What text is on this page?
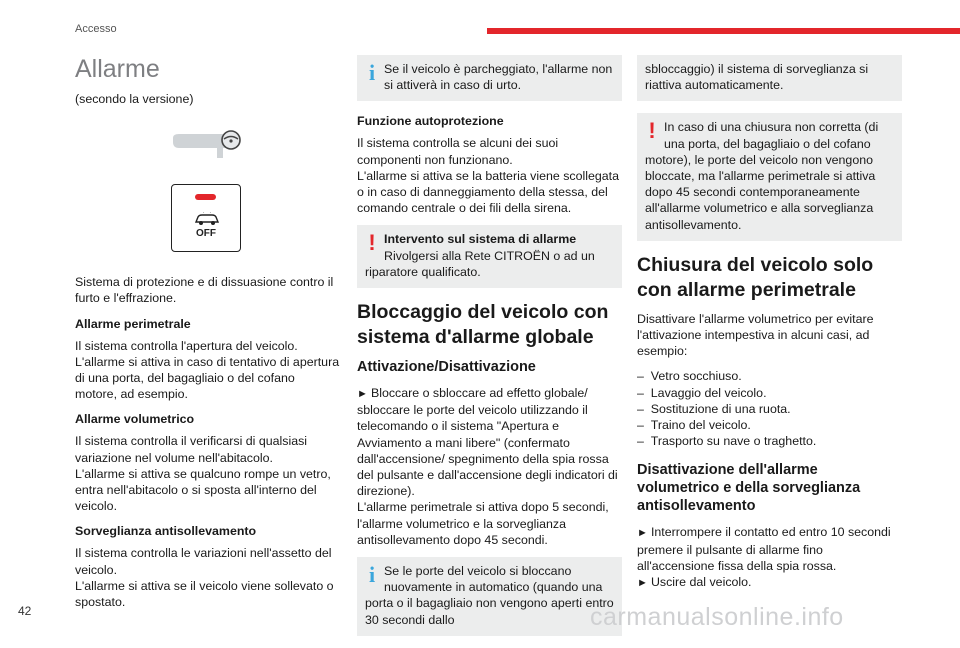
Accesso
Allarme

(secondo la versione)

OFF

Sistema di protezione e di dissuasione contro il furto e l'effrazione.

Allarme perimetrale

Il sistema controlla l'apertura del veicolo.
L'allarme si attiva in caso di tentativo di apertura di una porta, del bagagliaio o del cofano motore, ad esempio.

Allarme volumetrico

Il sistema controlla il verificarsi di qualsiasi variazione nel volume nell'abitacolo.
L'allarme si attiva se qualcuno rompe un vetro, entra nell'abitacolo o si sposta all'interno del veicolo.

Sorveglianza antisollevamento

Il sistema controlla le variazioni nell'assetto del veicolo.
L'allarme si attiva se il veicolo viene sollevato o spostato.

i Se il veicolo è parcheggiato, l'allarme non si attiverà in caso di urto.
Funzione autoprotezione

Il sistema controlla se alcuni dei suoi componenti non funzionano.
L'allarme si attiva se la batteria viene scollegata o in caso di danneggiamento della stessa, del comando centrale o dei fili della sirena.

! Intervento sul sistema di allarme
Rivolgersi alla Rete CITROËN o ad un riparatore qualificato.
Bloccaggio del veicolo con sistema d'allarme globale
Attivazione/Disattivazione

► Bloccare o sbloccare ad effetto globale/ sbloccare le porte del veicolo utilizzando il telecomando o il sistema "Apertura e Avviamento a mani libere" (confermato dall'accensione/ spegnimento della spia rossa del pulsante e dall'accensione degli indicatori di direzione).
L'allarme perimetrale si attiva dopo 5 secondi, l'allarme volumetrico e la sorveglianza antisollevamento dopo 45 secondi.

i Se le porte del veicolo si bloccano nuovamente in automatico (quando una porta o il bagagliaio non vengono aperti entro 30 secondi dallo
sbloccaggio) il sistema di sorveglianza si riattiva automaticamente.
! In caso di una chiusura non corretta (di una porta, del bagagliaio o del cofano motore), le porte del veicolo non vengono bloccate, ma l'allarme perimetrale si attiva dopo 45 secondi contemporaneamente all'allarme volumetrico e alla sorveglianza antisollevamento.
Chiusura del veicolo solo con allarme perimetrale

Disattivare l'allarme volumetrico per evitare l'attivazione intempestiva in alcuni casi, ad esempio:

–  Vetro socchiuso.
–  Lavaggio del veicolo.
–  Sostituzione di una ruota.
–  Traino del veicolo.
–  Trasporto su nave o traghetto.
Disattivazione dell'allarme volumetrico e della sorveglianza antisollevamento

► Interrompere il contatto ed entro 10 secondi premere il pulsante di allarme fino all'accensione fissa della spia rossa.
► Uscire dal veicolo.

42	carmanualsonline.info
